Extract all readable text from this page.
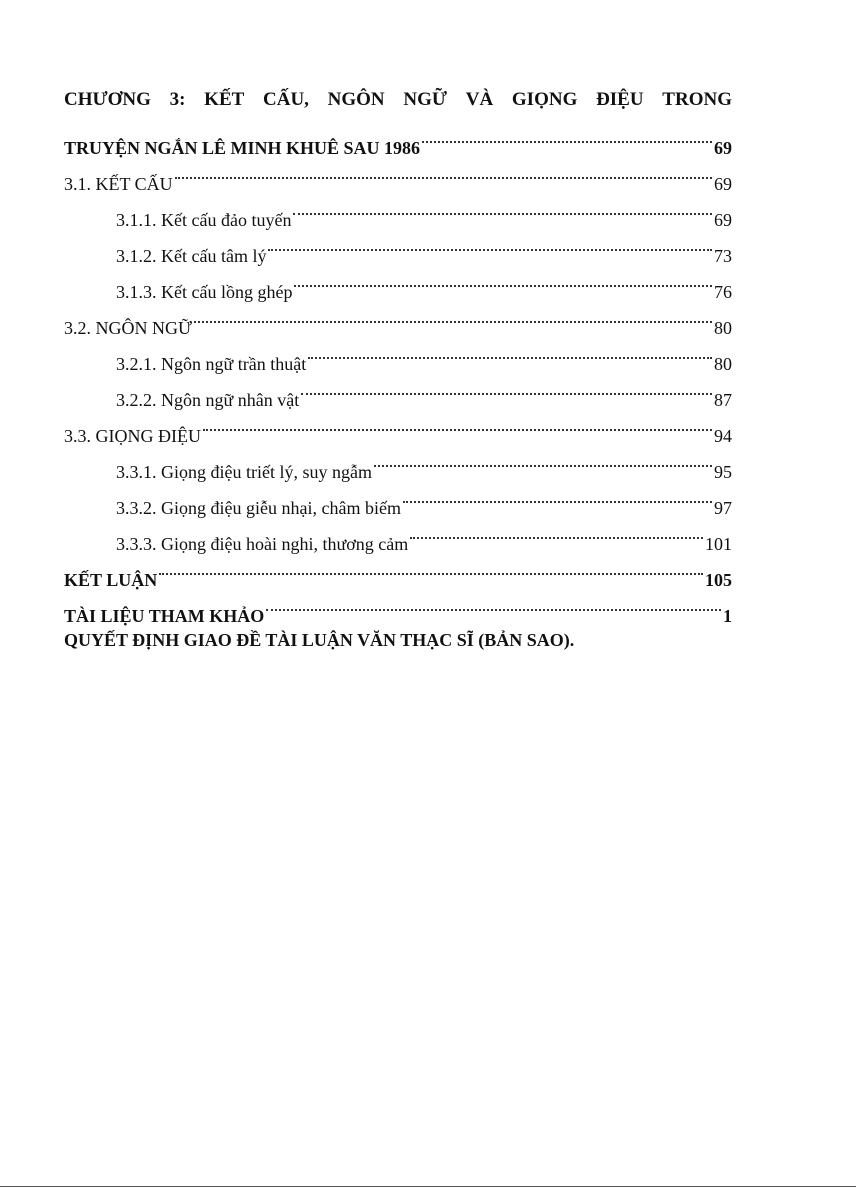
CHƯƠNG 3: KẾT CẤU, NGÔN NGỮ VÀ GIỌNG ĐIỆU TRONG
TRUYỆN NGẮN LÊ MINH KHUÊ SAU 1986	69
3.1. KẾT CẤU	69
3.1.1. Kết cấu đảo tuyến	69
3.1.2. Kết cấu tâm lý	73
3.1.3. Kết cấu lồng ghép	76
3.2. NGÔN NGỮ	80
3.2.1. Ngôn ngữ trần thuật	80
3.2.2. Ngôn ngữ nhân vật	87
3.3. GIỌNG ĐIỆU	94
3.3.1. Giọng điệu triết lý, suy ngẫm	95
3.3.2. Giọng điệu giễu nhại, châm biếm	97
3.3.3. Giọng điệu hoài nghi, thương cảm	101
KẾT LUẬN	105
TÀI LIỆU THAM KHẢO	1
QUYẾT ĐỊNH GIAO ĐỀ TÀI LUẬN VĂN THẠC SĨ (BẢN SAO).
